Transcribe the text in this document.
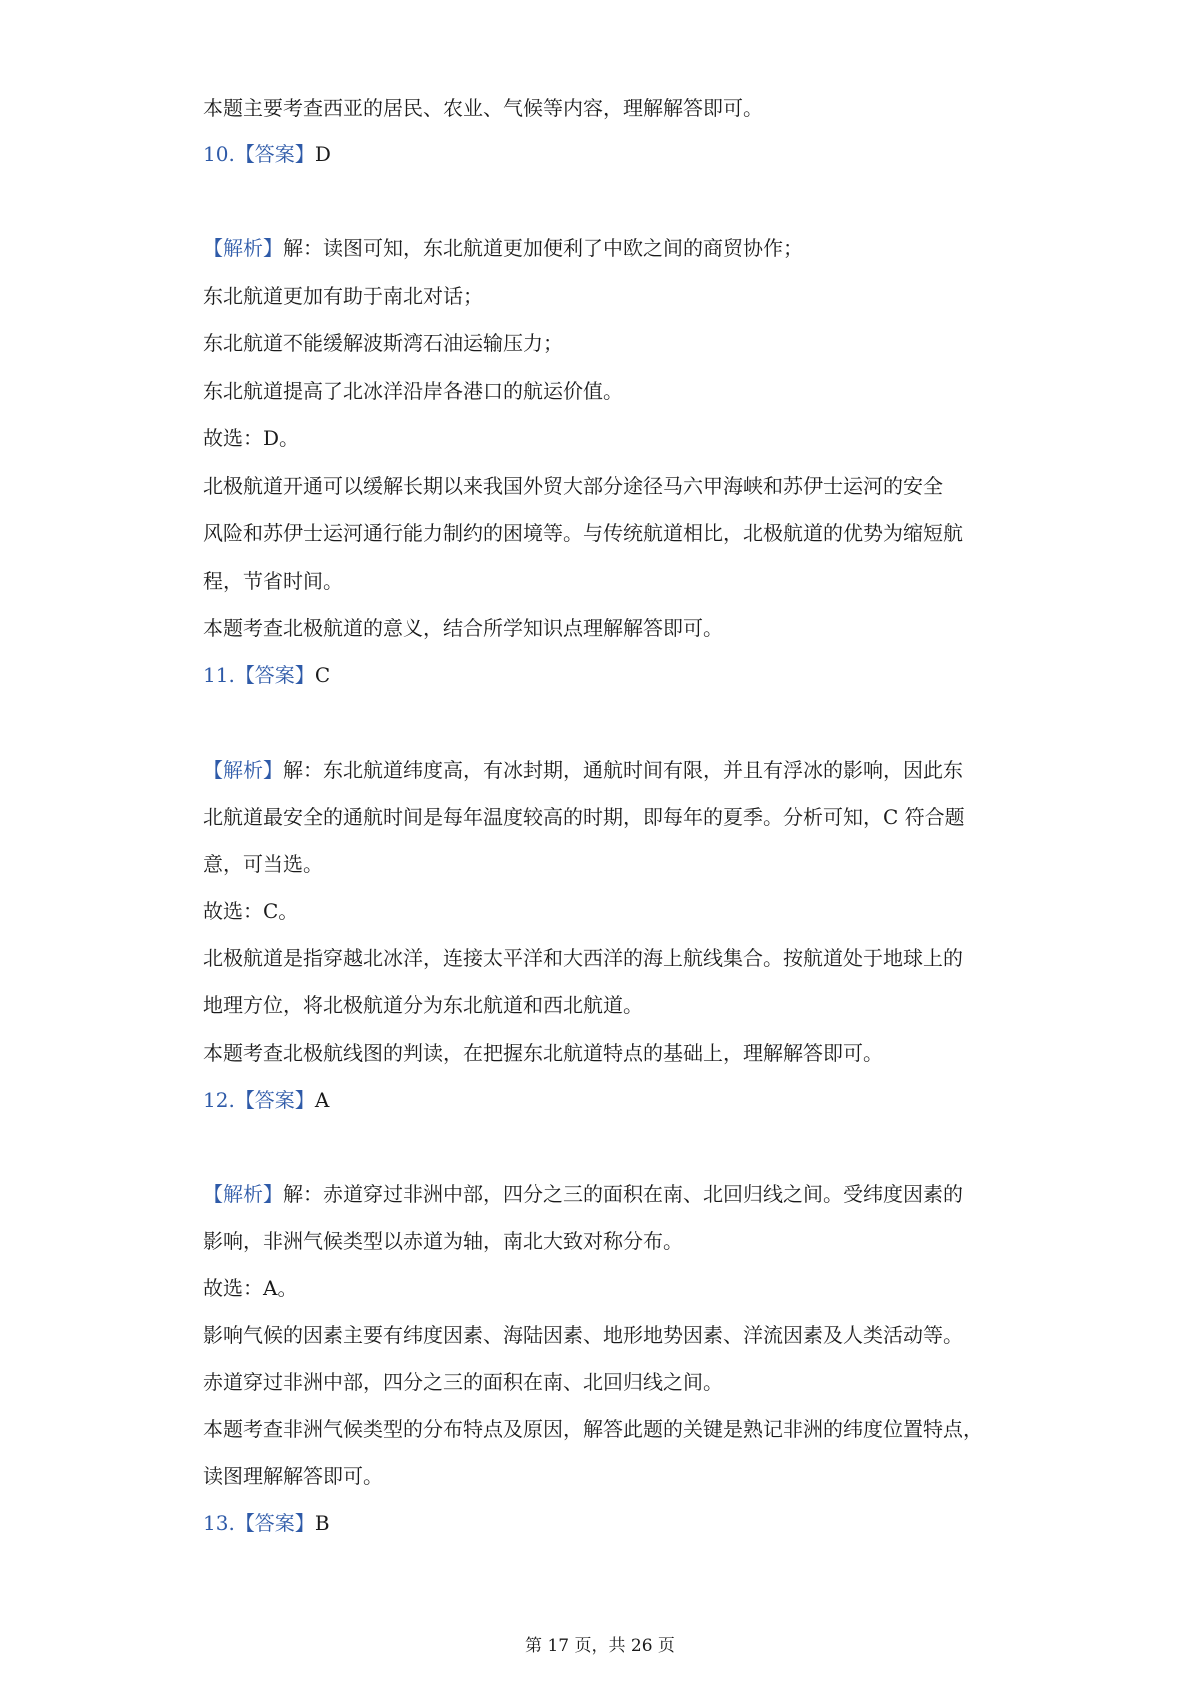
本题主要考查西亚的居民、农业、气候等内容，理解解答即可。
10.【答案】D
【解析】解：读图可知，东北航道更加便利了中欧之间的商贸协作；
东北航道更加有助于南北对话；
东北航道不能缓解波斯湾石油运输压力；
东北航道提高了北冰洋沿岸各港口的航运价值。
故选：D。
北极航道开通可以缓解长期以来我国外贸大部分途径马六甲海峡和苏伊士运河的安全
风险和苏伊士运河通行能力制约的困境等。与传统航道相比，北极航道的优势为缩短航
程，节省时间。
本题考查北极航道的意义，结合所学知识点理解解答即可。
11.【答案】C
【解析】解：东北航道纬度高，有冰封期，通航时间有限，并且有浮冰的影响，因此东
北航道最安全的通航时间是每年温度较高的时期，即每年的夏季。分析可知，C 符合题
意，可当选。
故选：C。
北极航道是指穿越北冰洋，连接太平洋和大西洋的海上航线集合。按航道处于地球上的
地理方位，将北极航道分为东北航道和西北航道。
本题考查北极航线图的判读，在把握东北航道特点的基础上，理解解答即可。
12.【答案】A
【解析】解：赤道穿过非洲中部，四分之三的面积在南、北回归线之间。受纬度因素的
影响，非洲气候类型以赤道为轴，南北大致对称分布。
故选：A。
影响气候的因素主要有纬度因素、海陆因素、地形地势因素、洋流因素及人类活动等。
赤道穿过非洲中部，四分之三的面积在南、北回归线之间。
本题考查非洲气候类型的分布特点及原因，解答此题的关键是熟记非洲的纬度位置特点，
读图理解解答即可。
13.【答案】B
第 17 页，共 26 页
